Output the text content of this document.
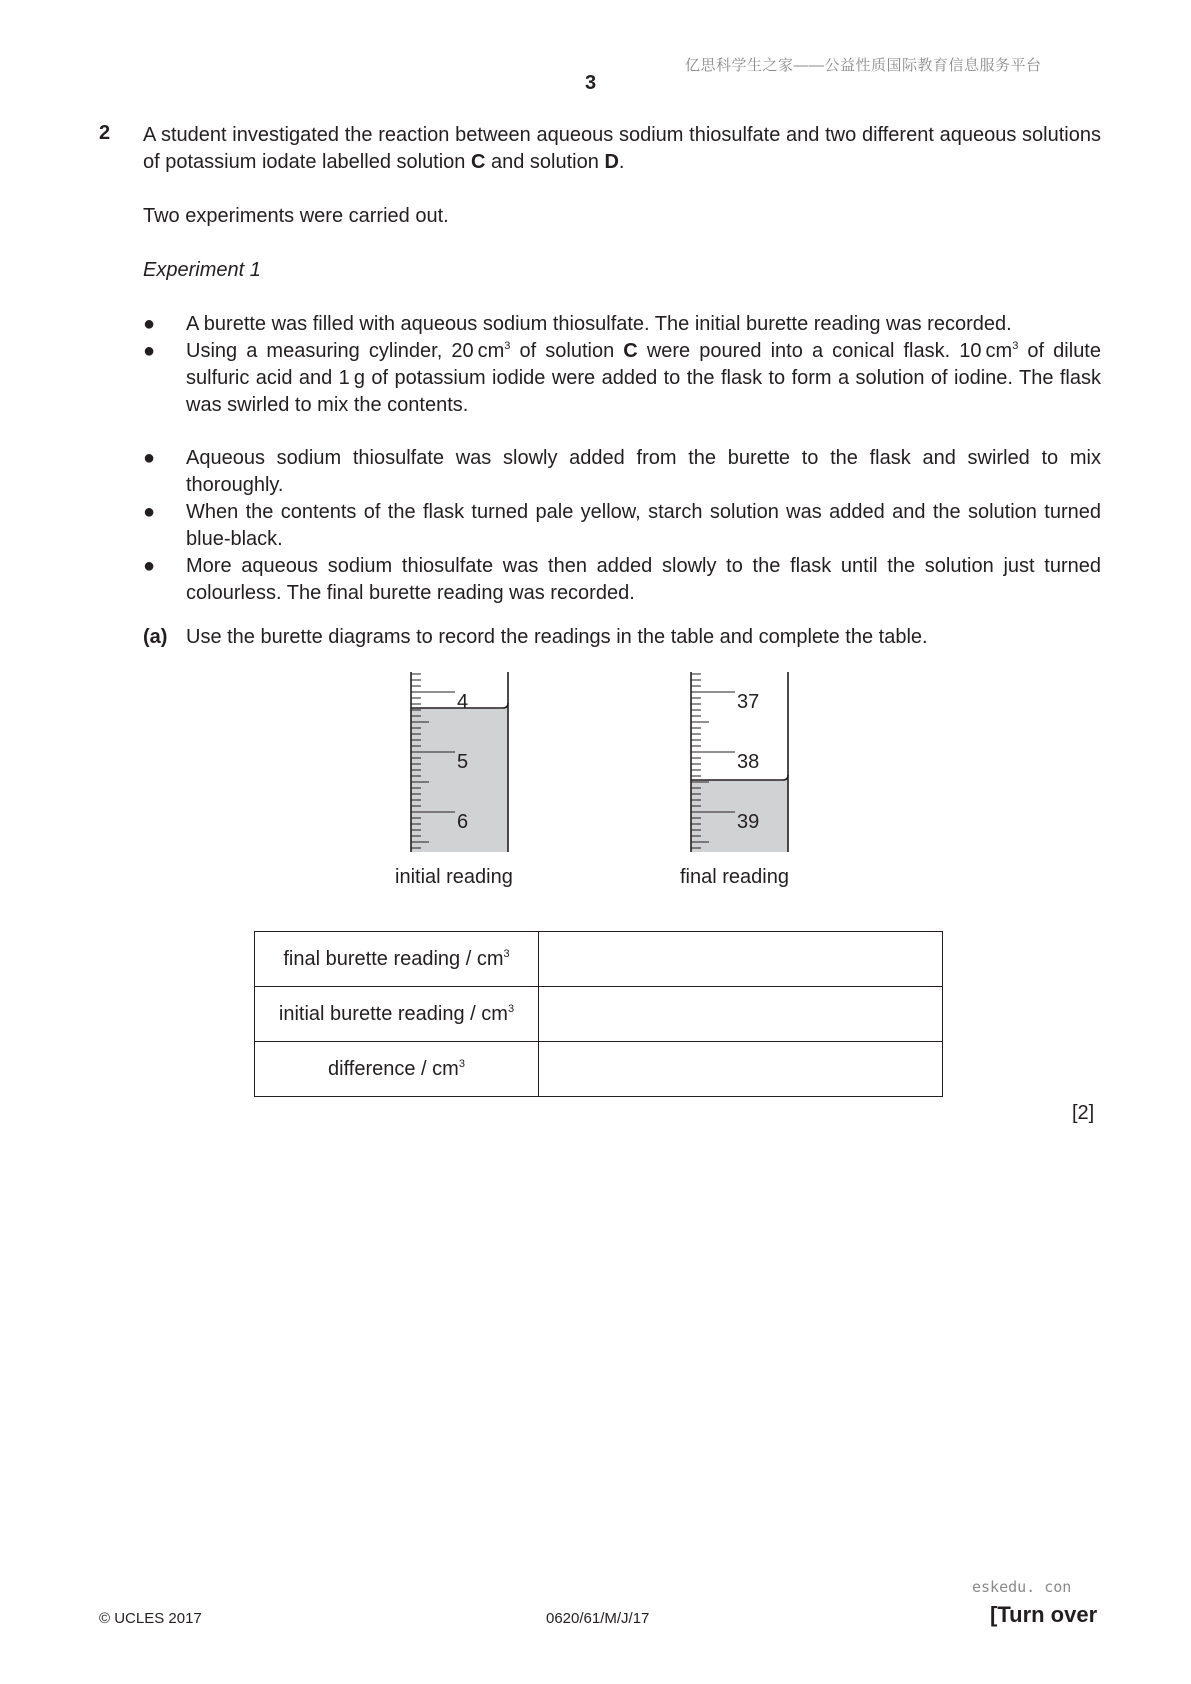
亿思科学生之家——公益性质国际教育信息服务平台
3
2 A student investigated the reaction between aqueous sodium thiosulfate and two different aqueous solutions of potassium iodate labelled solution C and solution D.
Two experiments were carried out.
Experiment 1
●	A burette was filled with aqueous sodium thiosulfate. The initial burette reading was recorded.
●	Using a measuring cylinder, 20  $cm^3$ of solution C were poured into a conical flask. 10  $cm^3$ of dilute sulfuric acid and 1  g of potassium iodide were added to the flask to form a solution of iodine. The flask was swirled to mix the contents.
●	Aqueous sodium thiosulfate was slowly added from the burette to the flask and swirled to mix thoroughly.
●	When the contents of the flask turned pale yellow, starch solution was added and the solution turned blue-black.
●	More aqueous sodium thiosulfate was then added slowly to the flask until the solution just turned colourless. The final burette reading was recorded.
(a) Use the burette diagrams to record the readings in the table and complete the table.
4
5
6
initial reading
37
38
39
final reading
final burette reading / $cm^3$	
initial burette reading / $cm^3$	
difference / $cm^3$	
[2]
eskedu. con
© UCLES 2017	0620/61/M/J/17	[Turn over
